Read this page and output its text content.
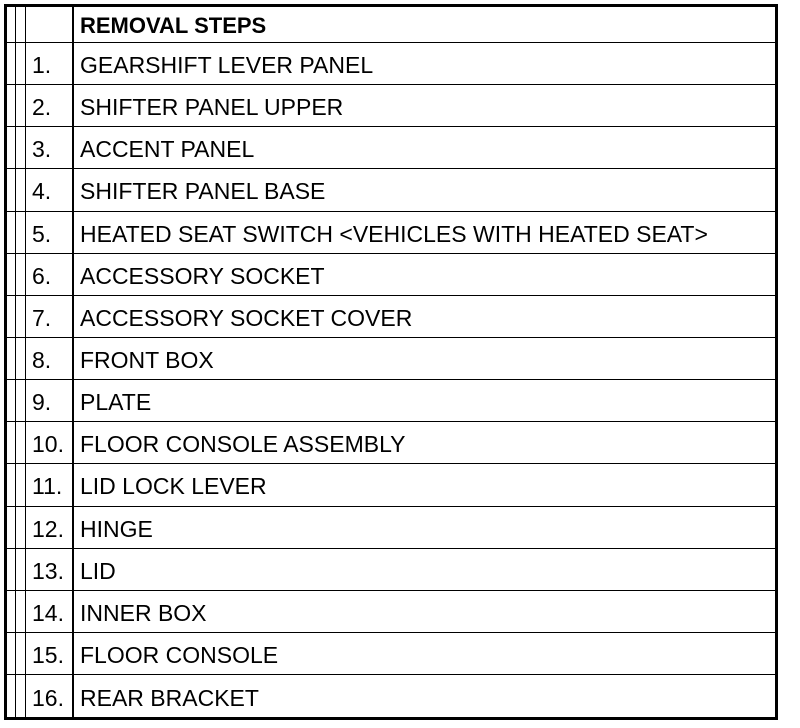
REMOVAL STEPS
1.	GEARSHIFT LEVER PANEL
2.	SHIFTER PANEL UPPER
3.	ACCENT PANEL
4.	SHIFTER PANEL BASE
5.	HEATED SEAT SWITCH <VEHICLES WITH HEATED SEAT>
6.	ACCESSORY SOCKET
7.	ACCESSORY SOCKET COVER
8.	FRONT BOX
9.	PLATE
10. FLOOR CONSOLE ASSEMBLY
11. LID LOCK LEVER
12. HINGE
13. LID
14. INNER BOX
15. FLOOR CONSOLE
16. REAR BRACKET
